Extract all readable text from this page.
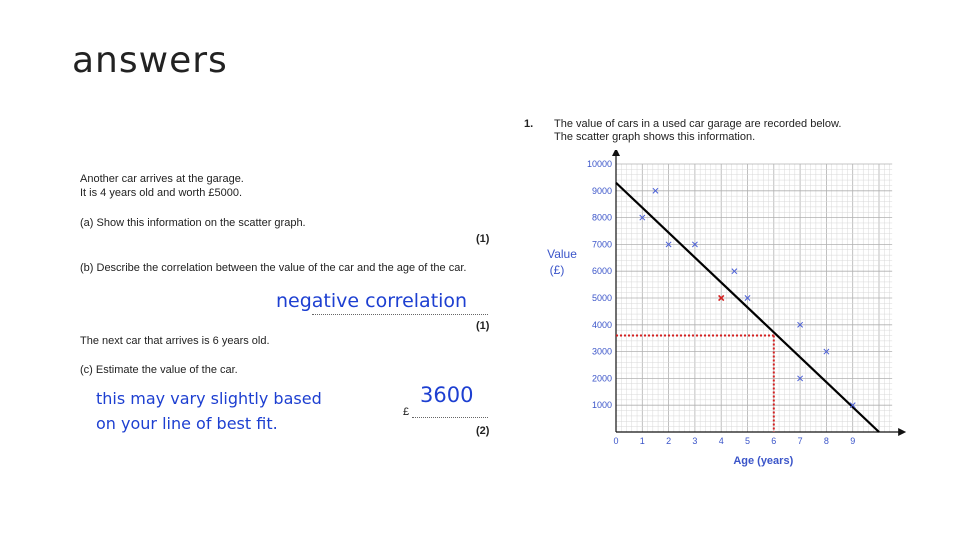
answers
Another car arrives at the garage.
It is 4 years old and worth £5000.
(a) Show this information on the scatter graph.
(1)
(b) Describe the correlation between the value of the car and the age of the car.
negative correlation
(1)
The next car that arrives is 6 years old.
(c) Estimate the value of the car.
3600
£
this may vary slightly based
on your line of best fit.	(2)
1. The value of cars in a used car garage are recorded below.
The scatter graph shows this information.
0 1 2 3 4 5 6 7 8 9
1000
2000
3000
4000
5000
6000
7000
8000
9000
10000
Age (years)
Value
(£)
